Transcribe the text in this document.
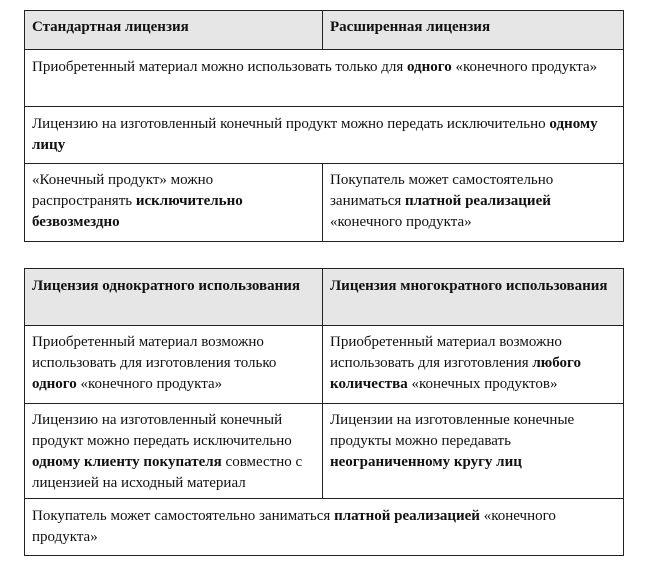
Стандартная лицензия	Расширенная лицензия
Приобретенный материал можно использовать только для одного «конечного продукта»	
Лицензию на изготовленный конечный продукт можно передать исключительно одному лицу	
«Конечный продукт» можно распространять исключительно безвозмездно	Покупатель может самостоятельно заниматься платной реализацией «конечного продукта»
Лицензия однократного использования	Лицензия многократного использования
Приобретенный материал возможно использовать для изготовления только одного «конечного продукта»	Приобретенный материал возможно использовать для изготовления любого количества «конечных продуктов»
Лицензию на изготовленный конечный продукт можно передать исключительно одному клиенту покупателя совместно с лицензией на исходный материал	Лицензии на изготовленные конечные продукты можно передавать неограниченному кругу лиц
Покупатель может самостоятельно заниматься платной реализацией «конечного продукта»	
